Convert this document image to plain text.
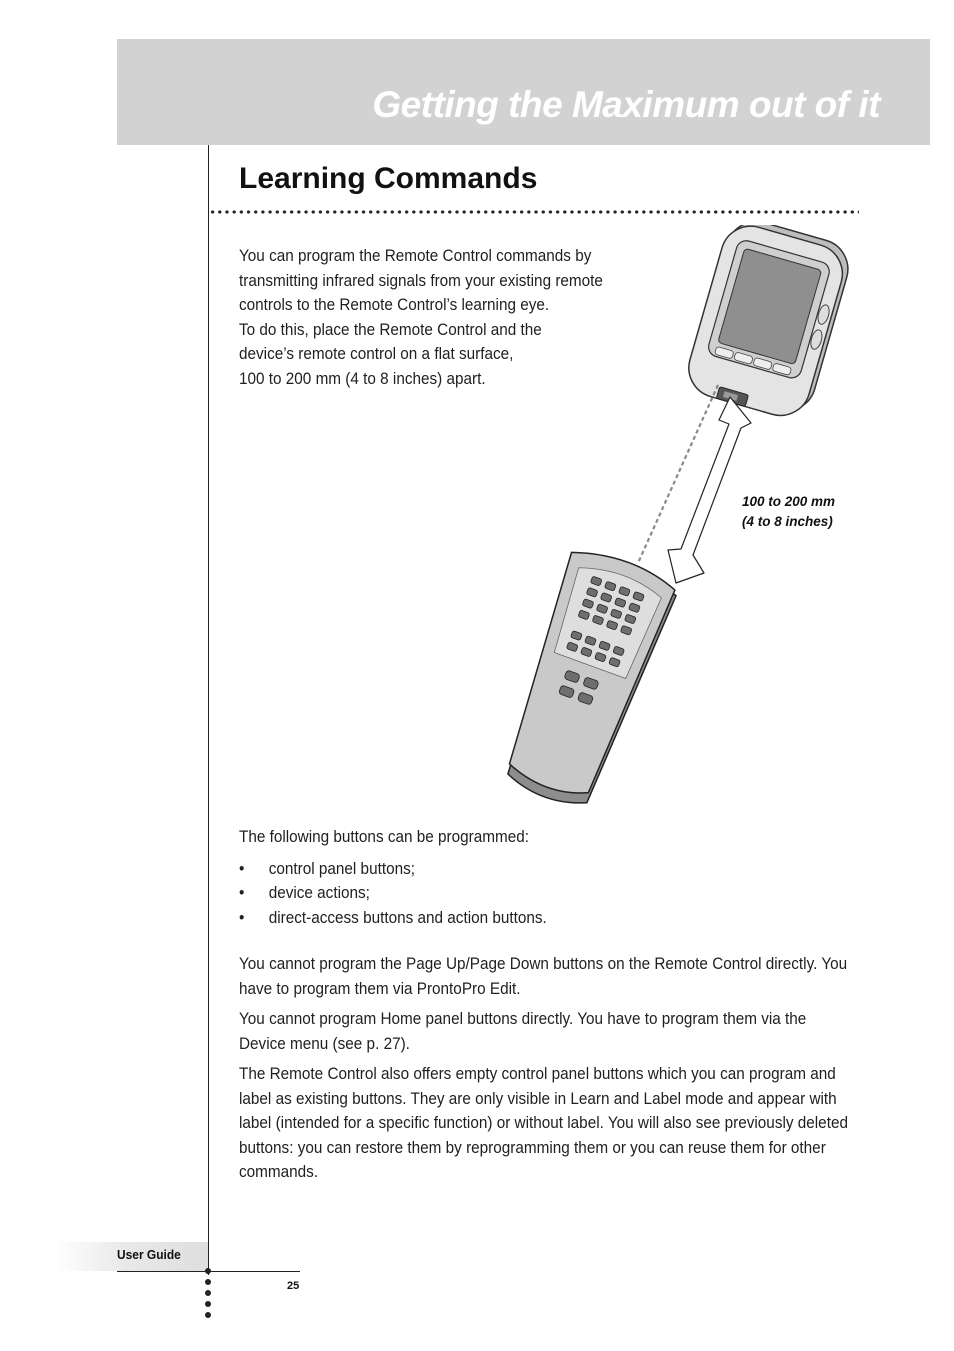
Getting the Maximum out of it
Learning Commands

You can program the Remote Control commands by

transmitting infrared signals from your existing remote

controls to the Remote Control’s learning eye.

To do this, place the Remote Control and the

device’s remote control on a flat surface,

100 to 200 mm (4 to 8 inches) apart.

100 to 200 mm
(4 to 8 inches)

The following buttons can be programmed:

• control panel buttons;
• device actions;
• direct-access buttons and action buttons.

You cannot program the Page Up/Page Down buttons on the Remote Control directly. You have to program them via ProntoPro Edit.

You cannot program Home panel buttons directly. You have to program them via the Device menu (see p. 27).

The Remote Control also offers empty control panel buttons which you can program and label as existing buttons. They are only visible in Learn and Label mode and appear with label (intended for a specific function) or without label. You will also see previously deleted buttons: you can restore them by reprogramming them or you can reuse them for other commands.

User Guide
25
